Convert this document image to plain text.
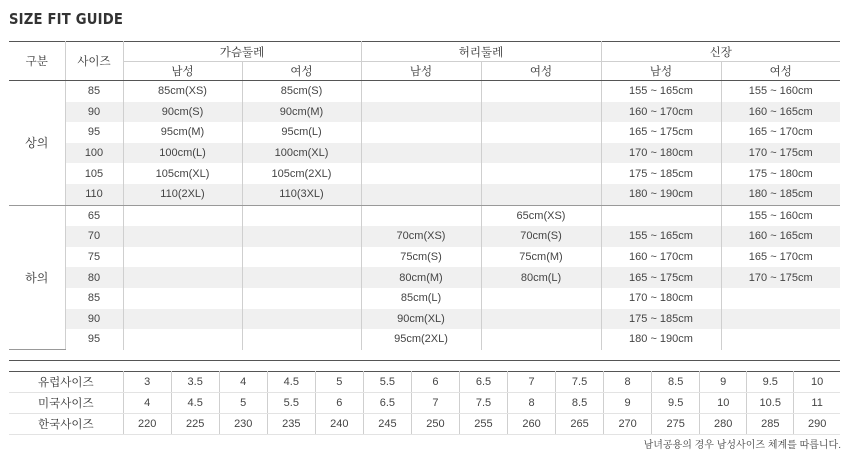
SIZE FIT GUIDE
구분	사이즈	가슴둘레		허리둘레		신장	
		남성	여성	남성	여성	남성	여성
상의	85	85cm(XS)	85cm(S)			155 ~ 165cm	155 ~ 160cm
	90	90cm(S)	90cm(M)			160 ~ 170cm	160 ~ 165cm
	95	95cm(M)	95cm(L)			165 ~ 175cm	165 ~ 170cm
	100	100cm(L)	100cm(XL)			170 ~ 180cm	170 ~ 175cm
	105	105cm(XL)	105cm(2XL)			175 ~ 185cm	175 ~ 180cm
	110	110(2XL)	110(3XL)			180 ~ 190cm	180 ~ 185cm
하의	65				65cm(XS)		155 ~ 160cm
	70			70cm(XS)	70cm(S)	155 ~ 165cm	160 ~ 165cm
	75			75cm(S)	75cm(M)	160 ~ 170cm	165 ~ 170cm
	80			80cm(M)	80cm(L)	165 ~ 175cm	170 ~ 175cm
	85			85cm(L)		170 ~ 180cm	
	90			90cm(XL)		175 ~ 185cm	
	95			95cm(2XL)		180 ~ 190cm	

유럽사이즈	3	3.5	4	4.5	5	5.5	6	6.5	7	7.5	8	8.5	9	9.5	10
미국사이즈	4	4.5	5	5.5	6	6.5	7	7.5	8	8.5	9	9.5	10	10.5	11
한국사이즈	220	225	230	235	240	245	250	255	260	265	270	275	280	285	290
남녀공용의 경우 남성사이즈 체계를 따릅니다.
